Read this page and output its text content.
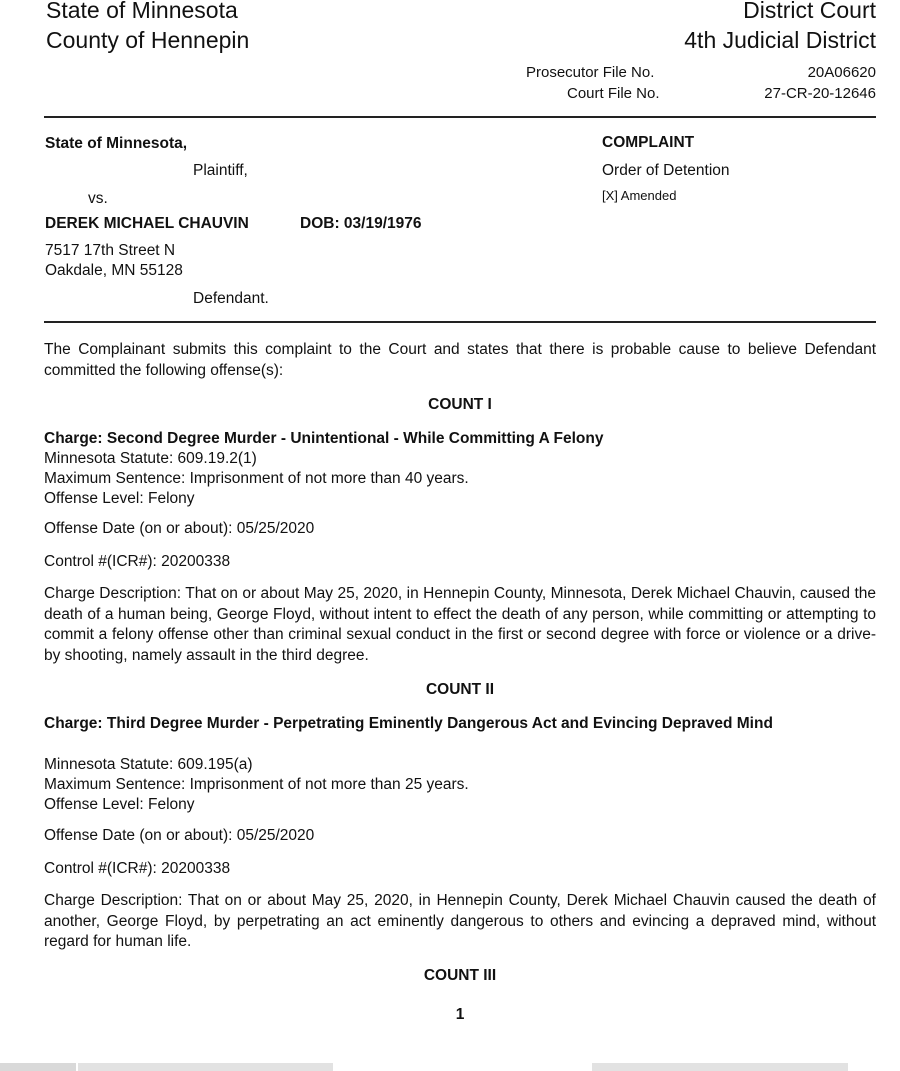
State of Minnesota
County of Hennepin
District Court
4th Judicial District
Prosecutor File No.	20A06620
Court File No.	27-CR-20-12646
State of Minnesota,
Plaintiff,
vs.
DEREK MICHAEL CHAUVIN	DOB: 03/19/1976
7517 17th Street N
Oakdale, MN 55128
Defendant.
COMPLAINT
Order of Detention
[X] Amended
The Complainant submits this complaint to the Court and states that there is probable cause to believe Defendant committed the following offense(s):
COUNT I
Charge: Second Degree Murder - Unintentional - While Committing A Felony
Minnesota Statute: 609.19.2(1)
Maximum Sentence: Imprisonment of not more than 40 years.
Offense Level: Felony
Offense Date (on or about): 05/25/2020
Control #(ICR#): 20200338
Charge Description: That on or about May 25, 2020, in Hennepin County, Minnesota, Derek Michael Chauvin, caused the death of a human being, George Floyd, without intent to effect the death of any person, while committing or attempting to commit a felony offense other than criminal sexual conduct in the first or second degree with force or violence or a drive-by shooting, namely assault in the third degree.
COUNT II
Charge: Third Degree Murder - Perpetrating Eminently Dangerous Act and Evincing Depraved Mind
Minnesota Statute: 609.195(a)
Maximum Sentence: Imprisonment of not more than 25 years.
Offense Level: Felony
Offense Date (on or about): 05/25/2020
Control #(ICR#): 20200338
Charge Description: That on or about May 25, 2020, in Hennepin County, Derek Michael Chauvin caused the death of another, George Floyd, by perpetrating an act eminently dangerous to others and evincing a depraved mind, without regard for human life.
COUNT III
1
